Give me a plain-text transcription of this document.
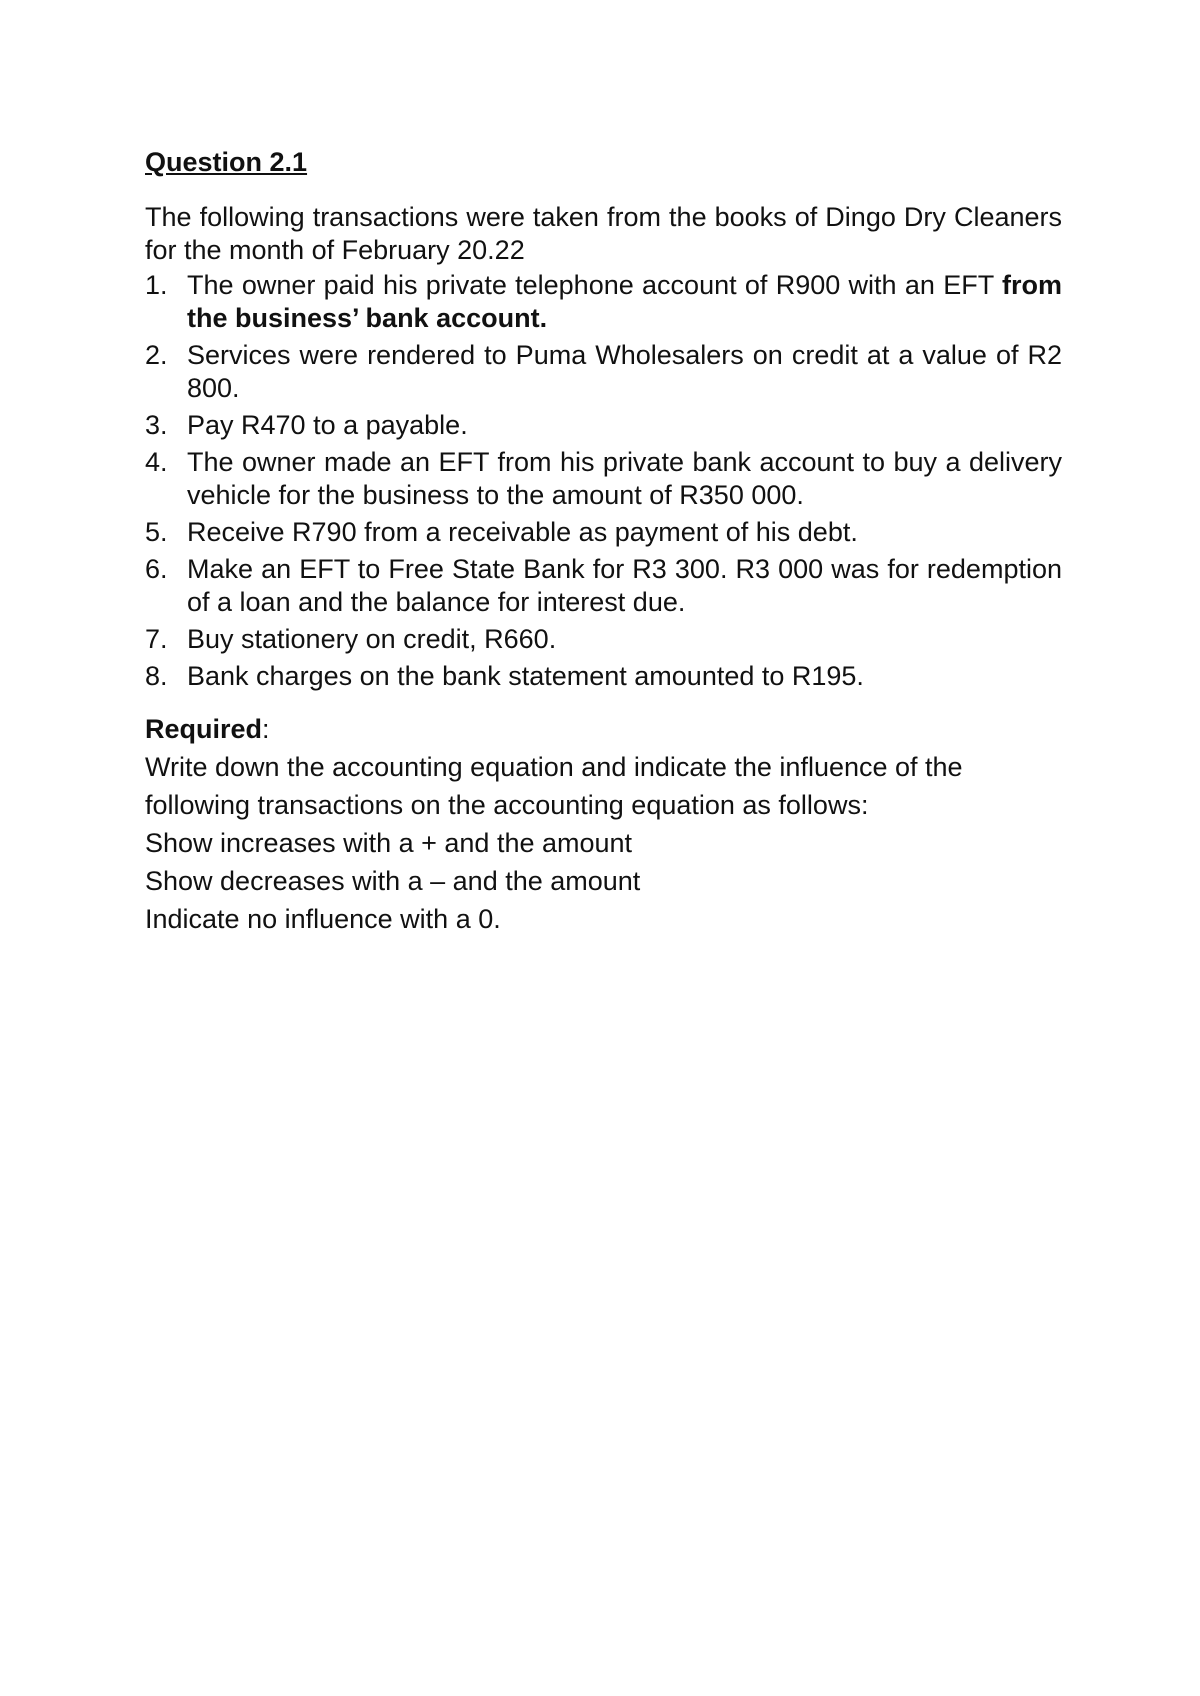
Question 2.1
The following transactions were taken from the books of Dingo Dry Cleaners for the month of February 20.22
1. The owner paid his private telephone account of R900 with an EFT from the business’ bank account.
2. Services were rendered to Puma Wholesalers on credit at a value of R2 800.
3. Pay R470 to a payable.
4. The owner made an EFT from his private bank account to buy a delivery vehicle for the business to the amount of R350 000.
5. Receive R790 from a receivable as payment of his debt.
6. Make an EFT to Free State Bank for R3 300. R3 000 was for redemption of a loan and the balance for interest due.
7. Buy stationery on credit, R660.
8. Bank charges on the bank statement amounted to R195.
Required:

Write down the accounting equation and indicate the influence of the following transactions on the accounting equation as follows:

Show increases with a + and the amount

Show decreases with a – and the amount

Indicate no influence with a 0.
